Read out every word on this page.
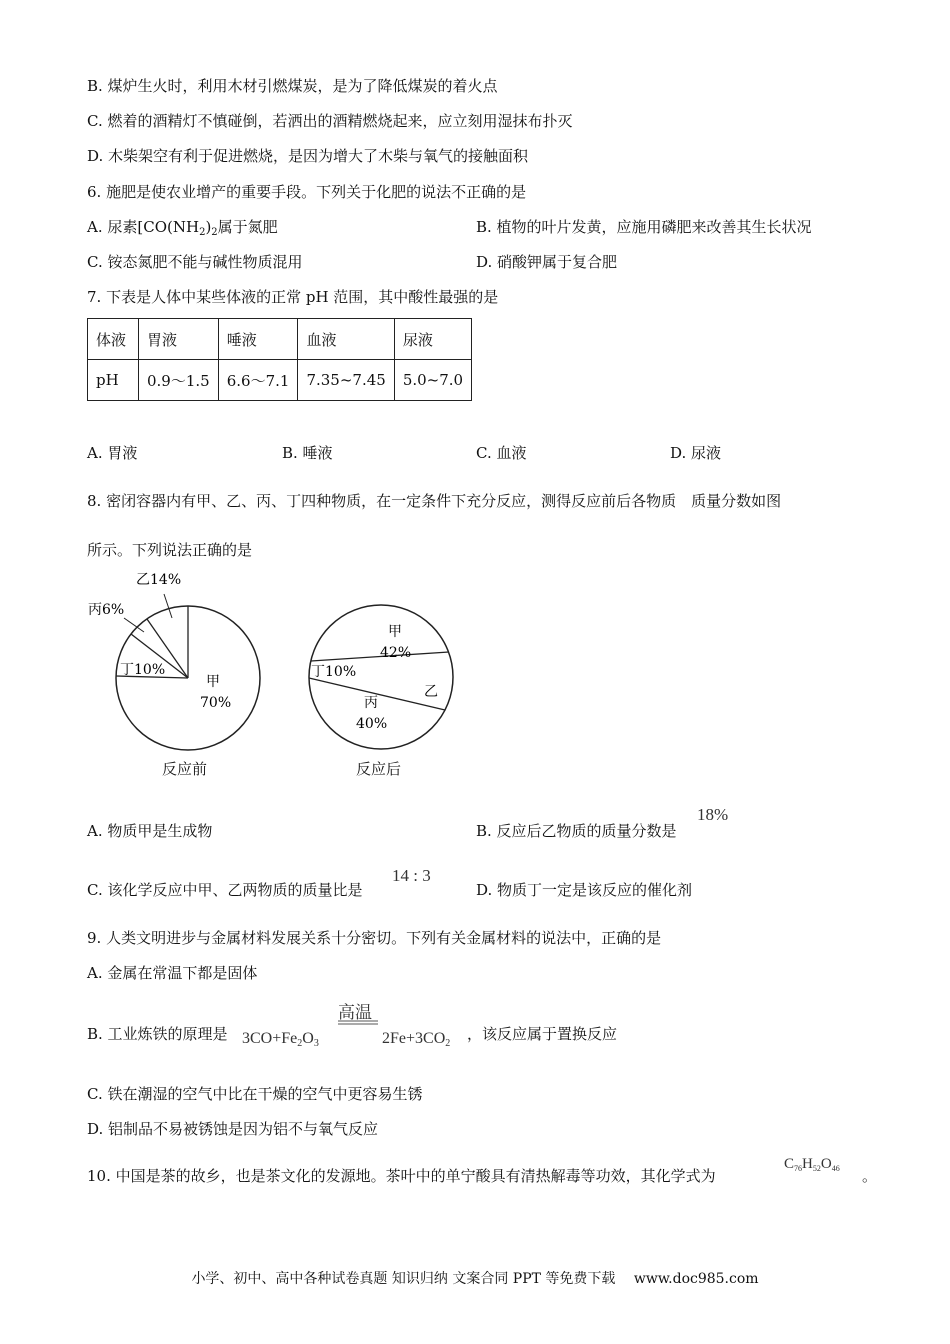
B. 煤炉生火时，利用木材引燃煤炭，是为了降低煤炭的着火点
C. 燃着的酒精灯不慎碰倒，若洒出的酒精燃烧起来，应立刻用湿抹布扑灭
D. 木柴架空有利于促进燃烧，是因为增大了木柴与氧气的接触面积
6. 施肥是使农业增产的重要手段。下列关于化肥的说法不正确的是
A. 尿素[$CO(NH_2)_2$属于氮肥	B. 植物的叶片发黄，应施用磷肥来改善其生长状况
C. 铵态氮肥不能与碱性物质混用	D. 硝酸钾属于复合肥
7. 下表是人体中某些体液的正常 pH 范围，其中酸性最强的是
体液	胃液	唾液	血液	尿液
pH	0.9～1.5	6.6～7.1	7.35~7.45	5.0~7.0
A. 胃液	B. 唾液	C. 血液	D. 尿液
8. 密闭容器内有甲、乙、丙、丁四种物质，在一定条件下充分反应，测得反应前后各物质　质量分数如图
所示。下列说法正确的是
乙14%
丙6%
丁10%
甲
70%
甲
42%
丁10%
丙
40%
乙
反应前	反应后
A. 物质甲是生成物	B. 反应后乙物质的质量分数是
18%
C. 该化学反应中甲、乙两物质的质量比是
14 : 3
D. 物质丁一定是该反应的催化剂
9. 人类文明进步与金属材料发展关系十分密切。下列有关金属材料的说法中，正确的是
A. 金属在常温下都是固体
B. 工业炼铁的原理是 $3CO+Fe_2O_3$
高温
$2Fe+3CO_2$
，该反应属于置换反应
C. 铁在潮湿的空气中比在干燥的空气中更容易生锈
D. 铝制品不易被锈蚀是因为铝不与氧气反应
10. 中国是茶的故乡，也是茶文化的发源地。茶叶中的单宁酸具有清热解毒等功效，其化学式为
$C_{76}H_{52}O_{46}$ 。
小学、初中、高中各种试卷真题 知识归纳 文案合同 PPT 等免费下载　 www.doc985.com
